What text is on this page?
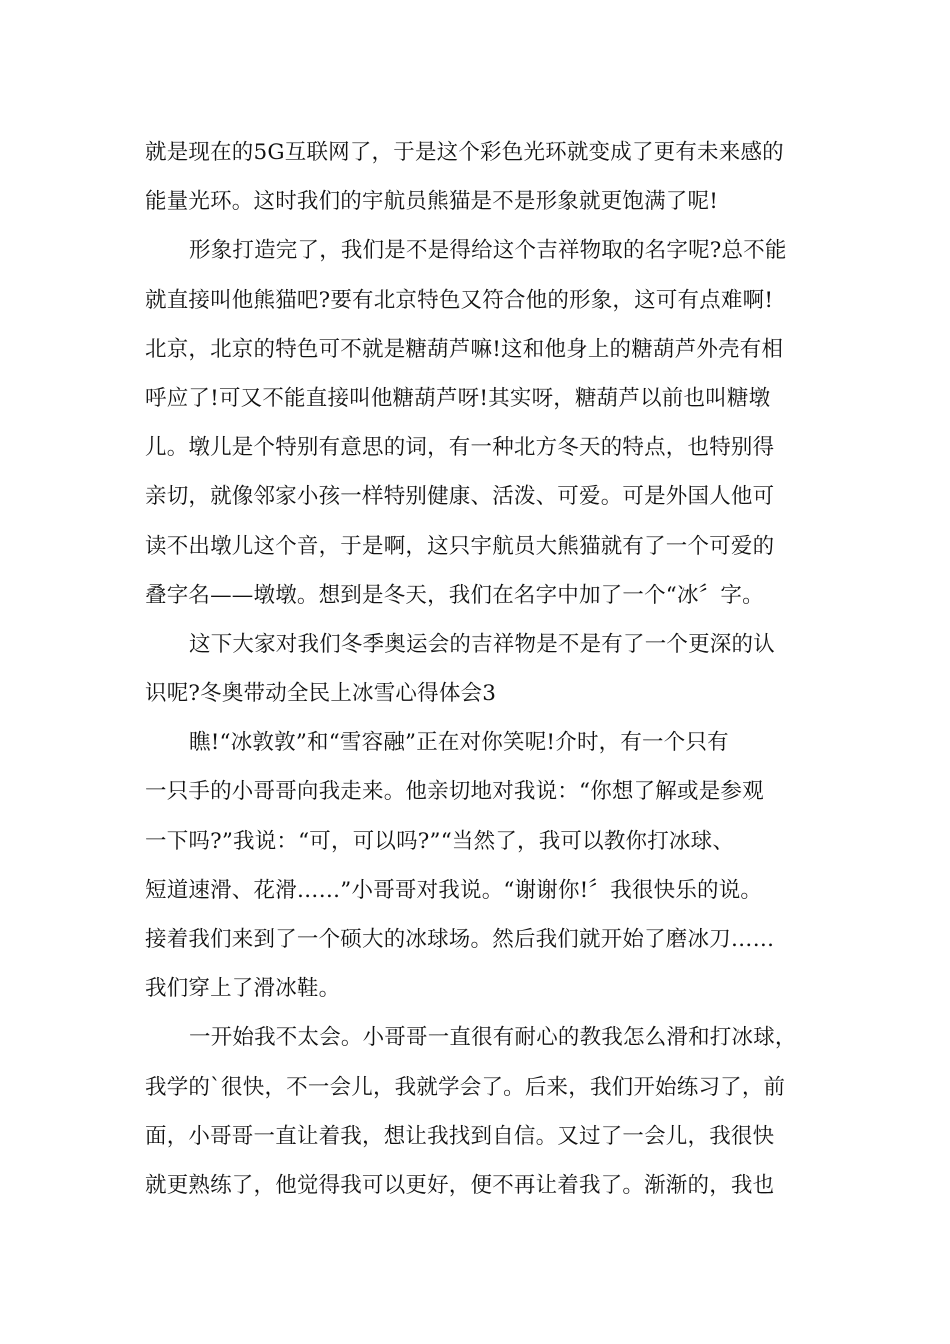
就是现在的5G互联网了，于是这个彩色光环就变成了更有未来感的
能量光环。这时我们的宇航员熊猫是不是形象就更饱满了呢!
形象打造完了，我们是不是得给这个吉祥物取的名字呢?总不能
就直接叫他熊猫吧?要有北京特色又符合他的形象，这可有点难啊!
北京，北京的特色可不就是糖葫芦嘛!这和他身上的糖葫芦外壳有相
呼应了!可又不能直接叫他糖葫芦呀!其实呀，糖葫芦以前也叫糖墩
儿。墩儿是个特别有意思的词，有一种北方冬天的特点，也特别得
亲切，就像邻家小孩一样特别健康、活泼、可爱。可是外国人他可
读不出墩儿这个音，于是啊，这只宇航员大熊猫就有了一个可爱的
叠字名——墩墩。想到是冬天，我们在名字中加了一个“冰〞字。
这下大家对我们冬季奥运会的吉祥物是不是有了一个更深的认
识呢?冬奥带动全民上冰雪心得体会3
瞧!“冰敦敦”和“雪容融”正在对你笑呢!介时，有一个只有
一只手的小哥哥向我走来。他亲切地对我说：“你想了解或是参观
一下吗?”我说：“可，可以吗?”“当然了，我可以教你打冰球、
短道速滑、花滑……”小哥哥对我说。“谢谢你!〞我很快乐的说。
接着我们来到了一个硕大的冰球场。然后我们就开始了磨冰刀……
我们穿上了滑冰鞋。
一开始我不太会。小哥哥一直很有耐心的教我怎么滑和打冰球，
我学的`很快，不一会儿，我就学会了。后来，我们开始练习了，前
面，小哥哥一直让着我，想让我找到自信。又过了一会儿，我很快
就更熟练了，他觉得我可以更好，便不再让着我了。渐渐的，我也
